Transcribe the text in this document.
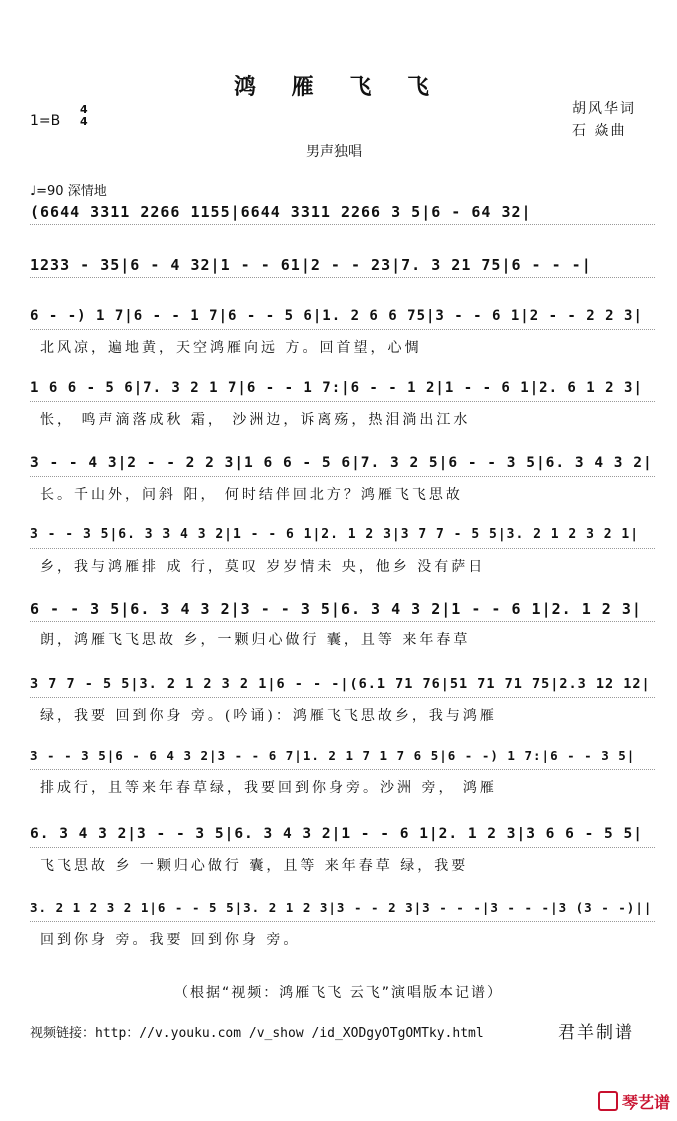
鸿 雁 飞 飞
1=B
4
4
胡风华词
石 焱曲
男声独唱
♩=90 深情地
(6644 3311 2266 1155|6644 3311 2266 3 5|6 - 64 32|
1233 - 35|6 - 4 32|1 - - 61|2 - - 23|7. 3 21 75|6 - - -|
6 - -) 1 7|6 - - 1 7|6 - - 5 6|1. 2 6 6 75|3 - - 6 1|2 - - 2 2 3|
北风凉，遍地黄，天空鸿雁向远 方。回首望，心惆
1 6 6 - 5 6|7. 3 2 1 7|6 - - 1 7:|6 - - 1 2|1 - - 6 1|2. 6 1 2 3|
怅， 鸣声滴落成秋 霜， 沙洲边，诉离殇，热泪淌出江水
3 - - 4 3|2 - - 2 2 3|1 6 6 - 5 6|7. 3 2 5|6 - - 3 5|6. 3 4 3 2|
长。千山外，问斜 阳， 何时结伴回北方？鸿雁飞飞思故
3 - - 3 5|6. 3 3 4 3 2|1 - - 6 1|2. 1 2 3|3 7 7 - 5 5|3. 2 1 2 3 2 1|
乡，我与鸿雁排 成 行，莫叹 岁岁情未 央，他乡 没有萨日
6 - - 3 5|6. 3 4 3 2|3 - - 3 5|6. 3 4 3 2|1 - - 6 1|2. 1 2 3|
朗，鸿雁飞飞思故 乡，一颗归心做行 囊，且等 来年春草
3 7 7 - 5 5|3. 2 1 2 3 2 1|6 - - -|(6.1 71 76|51 71 71 75|2.3 12 12|
绿，我要 回到你身 旁。(吟诵)：鸿雁飞飞思故乡，我与鸿雁
3 - - 3 5|6 - 6 4 3 2|3 - - 6 7|1. 2 1 7 1 7 6 5|6 - -) 1 7:|6 - - 3 5|
排成行，且等来年春草绿，我要回到你身旁。沙洲 旁， 鸿雁
6. 3 4 3 2|3 - - 3 5|6. 3 4 3 2|1 - - 6 1|2. 1 2 3|3 6 6 - 5 5|
飞飞思故 乡 一颗归心做行 囊，且等 来年春草 绿，我要
3. 2 1 2 3 2 1|6 - - 5 5|3. 2 1 2 3|3 - - 2 3|3 - - -|3 - - -|3 (3 - -)||
回到你身 旁。我要 回到你身 旁。
（根据“视频：鸿雁飞飞 云飞”演唱版本记谱）
视频链接：http：//v.youku.com /v_show /id_XODgyOTgOMTky.html	君羊制谱
琴艺谱
